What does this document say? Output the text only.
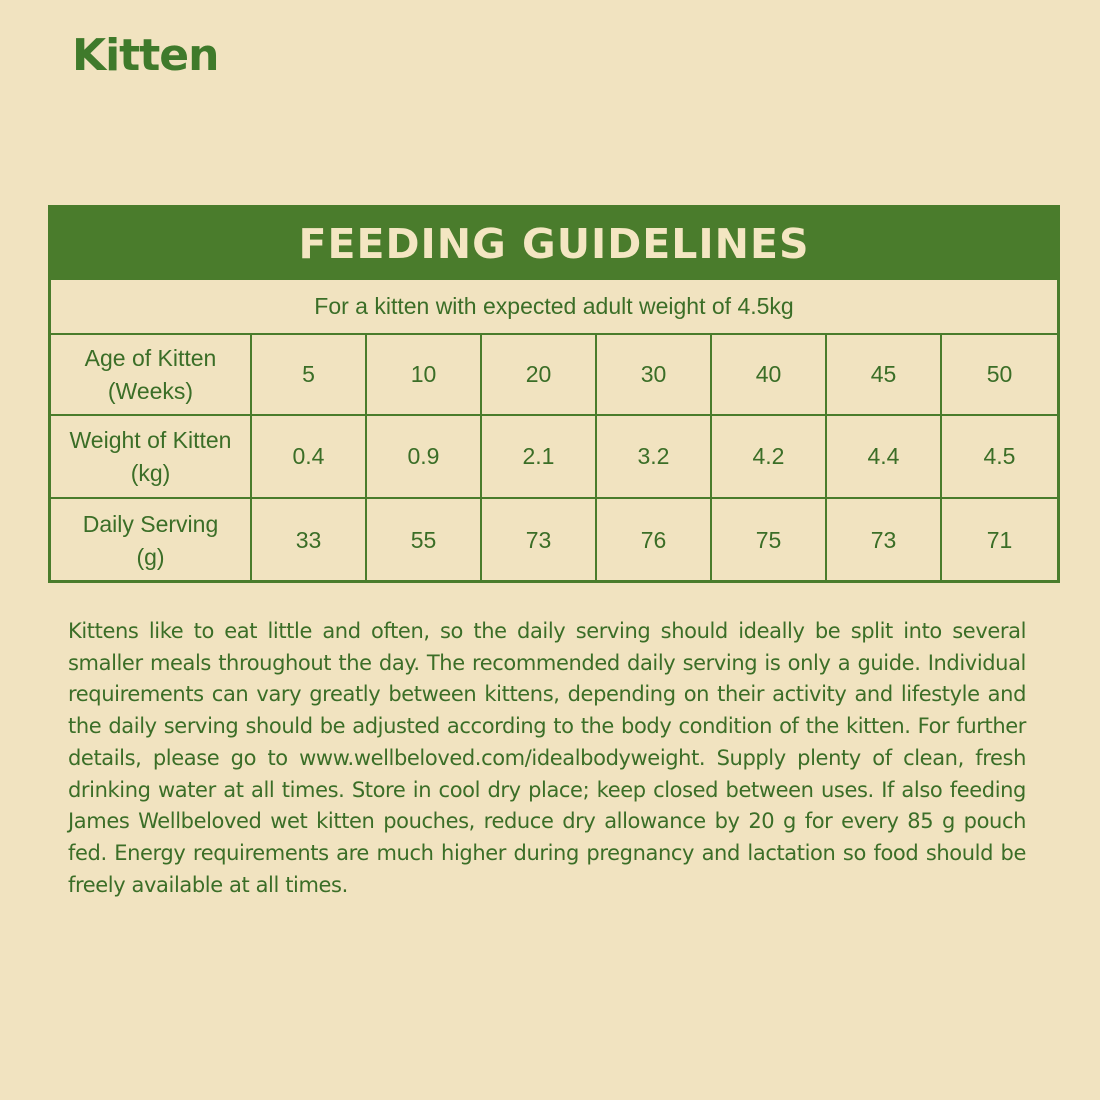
Kitten
FEEDING GUIDELINES
For a kitten with expected adult weight of 4.5kg
Age of Kitten
(Weeks)
5	10	20	30	40	45	50
Weight of Kitten
(kg)
0.4	0.9	2.1	3.2	4.2	4.4	4.5
Daily Serving
(g)
33	55	73	76	75	73	71

Kittens like to eat little and often, so the daily serving should ideally be split into several smaller meals throughout the day. The recommended daily serving is only a guide. Individual requirements can vary greatly between kittens, depending on their activity and lifestyle and the daily serving should be adjusted according to the body condition of the kitten. For further details, please go to www.wellbeloved.com/idealbodyweight. Supply plenty of clean, fresh drinking water at all times. Store in cool dry place; keep closed between uses. If also feeding James Wellbeloved wet kitten pouches, reduce dry allowance by 20 g for every 85 g pouch fed. Energy requirements are much higher during pregnancy and lactation so food should be freely available at all times.
